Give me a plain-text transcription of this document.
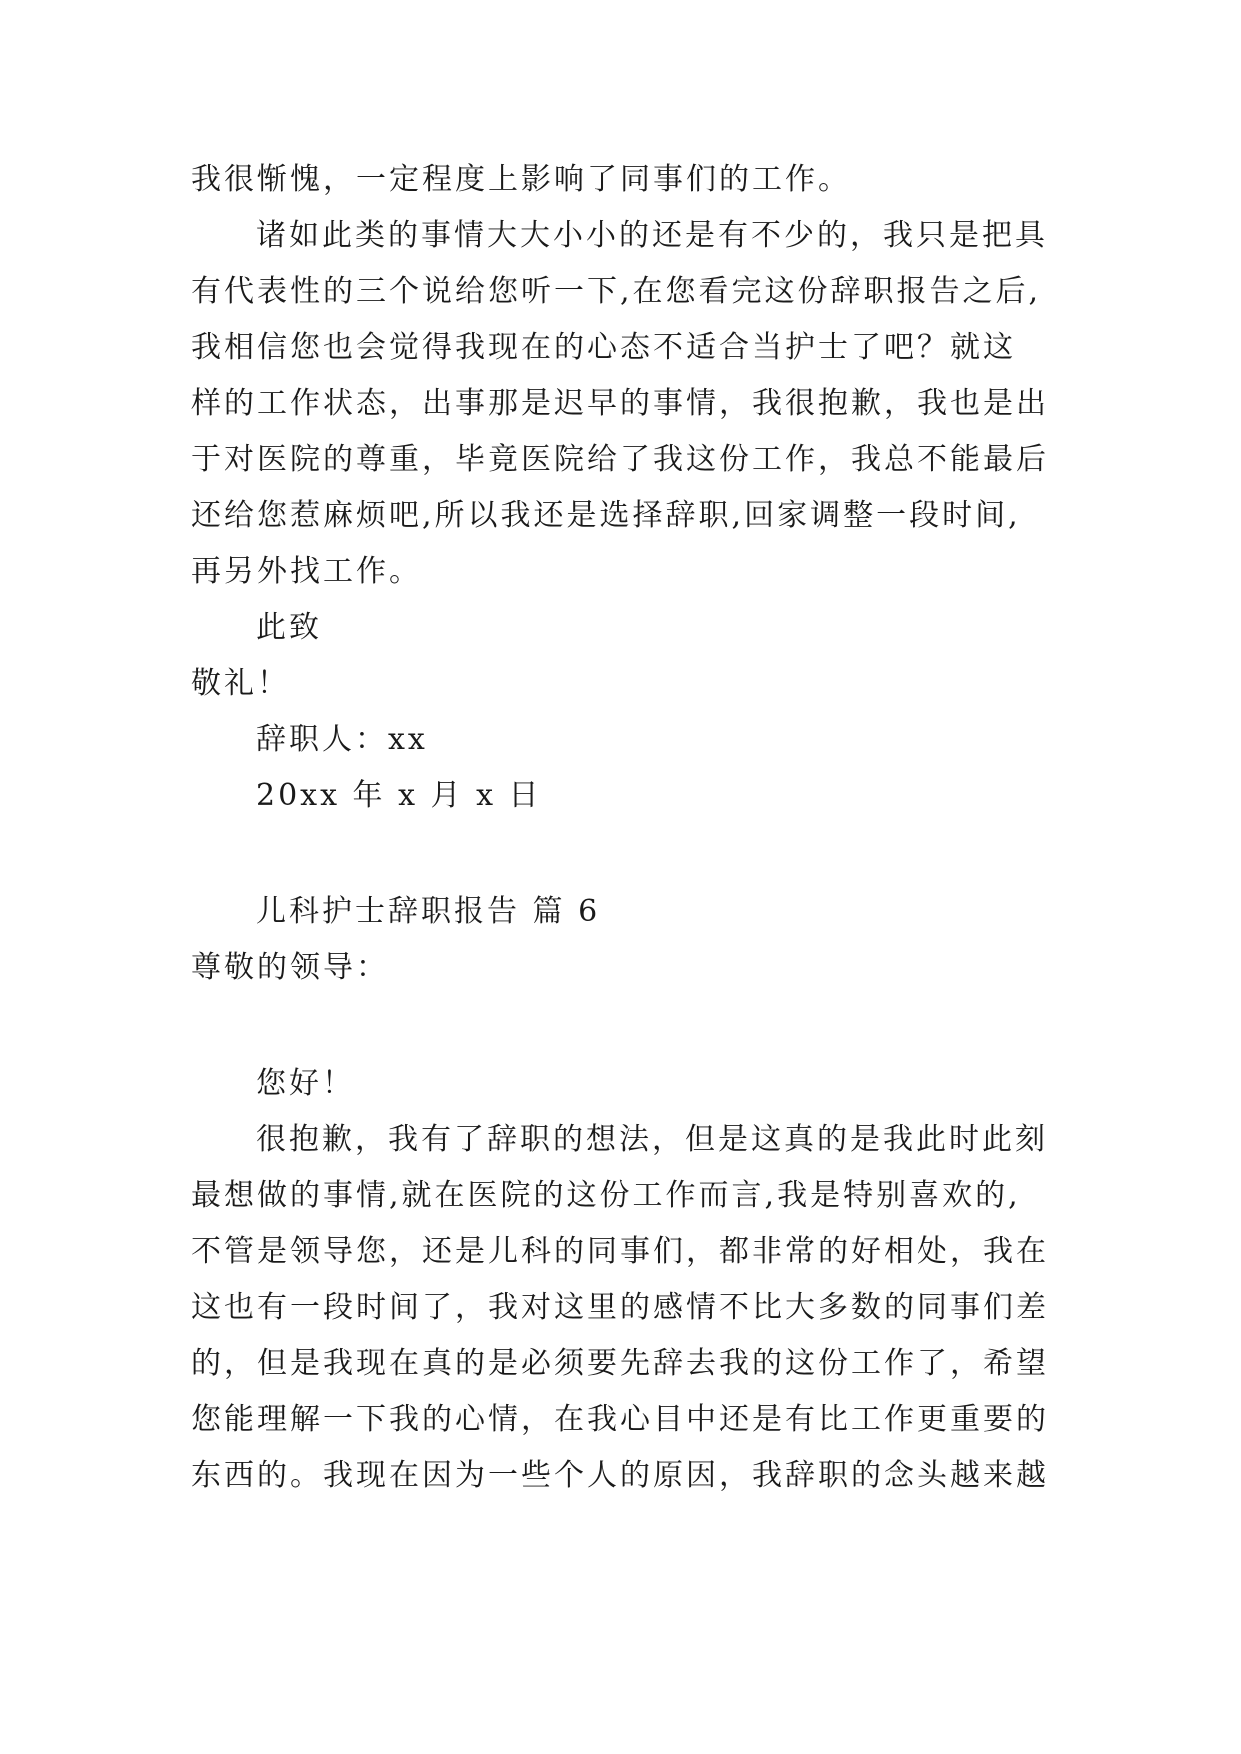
我很惭愧，一定程度上影响了同事们的工作。
诸如此类的事情大大小小的还是有不少的，我只是把具
有代表性的三个说给您听一下,在您看完这份辞职报告之后,
我相信您也会觉得我现在的心态不适合当护士了吧？就这
样的工作状态，出事那是迟早的事情，我很抱歉，我也是出
于对医院的尊重，毕竟医院给了我这份工作，我总不能最后
还给您惹麻烦吧,所以我还是选择辞职,回家调整一段时间,
再另外找工作。
此致
敬礼！
辞职人：xx
20xx 年 x 月 x 日
儿科护士辞职报告 篇 6
尊敬的领导：
您好！
很抱歉，我有了辞职的想法，但是这真的是我此时此刻
最想做的事情,就在医院的这份工作而言,我是特别喜欢的,
不管是领导您，还是儿科的同事们，都非常的好相处，我在
这也有一段时间了，我对这里的感情不比大多数的同事们差
的，但是我现在真的是必须要先辞去我的这份工作了，希望
您能理解一下我的心情，在我心目中还是有比工作更重要的
东西的。我现在因为一些个人的原因，我辞职的念头越来越
